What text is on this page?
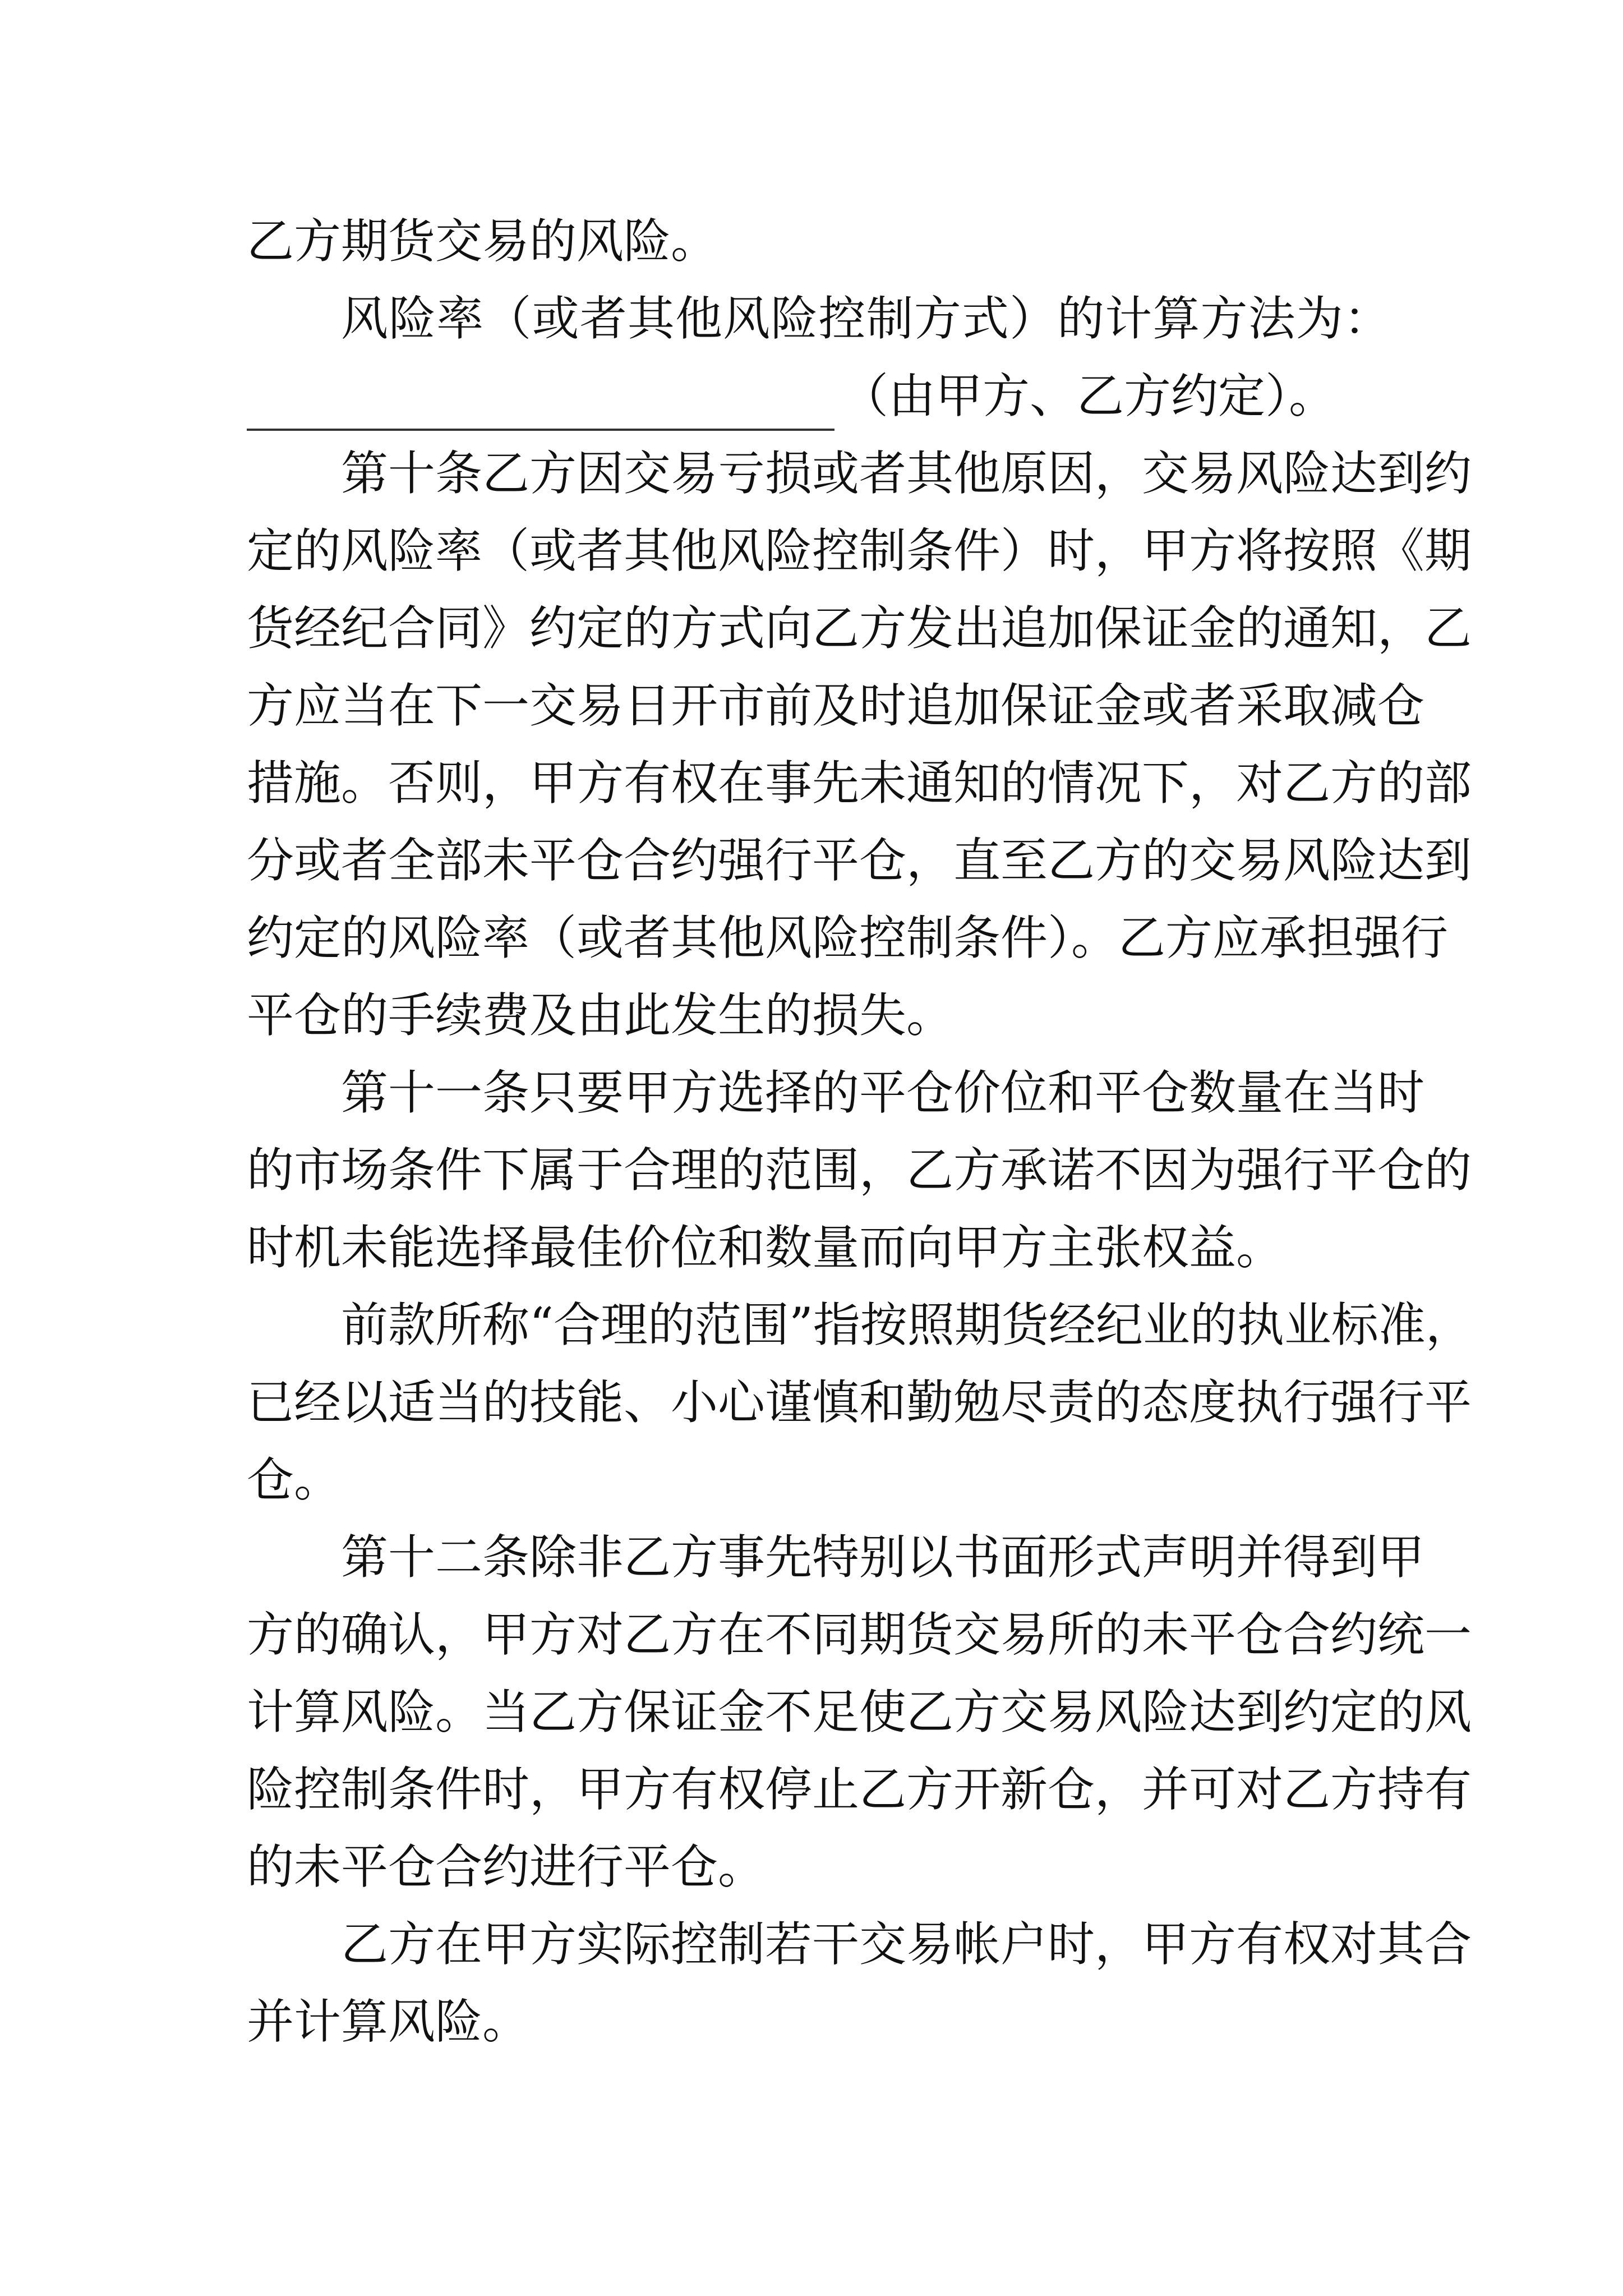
乙方期货交易的风险。
风险率（或者其他风险控制方式）的计算方法为：
（由甲方、乙方约定）。
第十条乙方因交易亏损或者其他原因，交易风险达到约
定的风险率（或者其他风险控制条件）时，甲方将按照《期
货经纪合同》约定的方式向乙方发出追加保证金的通知，乙
方应当在下一交易日开市前及时追加保证金或者采取减仓
措施。否则，甲方有权在事先未通知的情况下，对乙方的部
分或者全部未平仓合约强行平仓，直至乙方的交易风险达到
约定的风险率（或者其他风险控制条件）。乙方应承担强行
平仓的手续费及由此发生的损失。
第十一条只要甲方选择的平仓价位和平仓数量在当时
的市场条件下属于合理的范围，乙方承诺不因为强行平仓的
时机未能选择最佳价位和数量而向甲方主张权益。
前款所称“合理的范围”指按照期货经纪业的执业标准，
已经以适当的技能、小心谨慎和勤勉尽责的态度执行强行平
仓。
第十二条除非乙方事先特别以书面形式声明并得到甲
方的确认，甲方对乙方在不同期货交易所的未平仓合约统一
计算风险。当乙方保证金不足使乙方交易风险达到约定的风
险控制条件时，甲方有权停止乙方开新仓，并可对乙方持有
的未平仓合约进行平仓。
乙方在甲方实际控制若干交易帐户时，甲方有权对其合
并计算风险。
